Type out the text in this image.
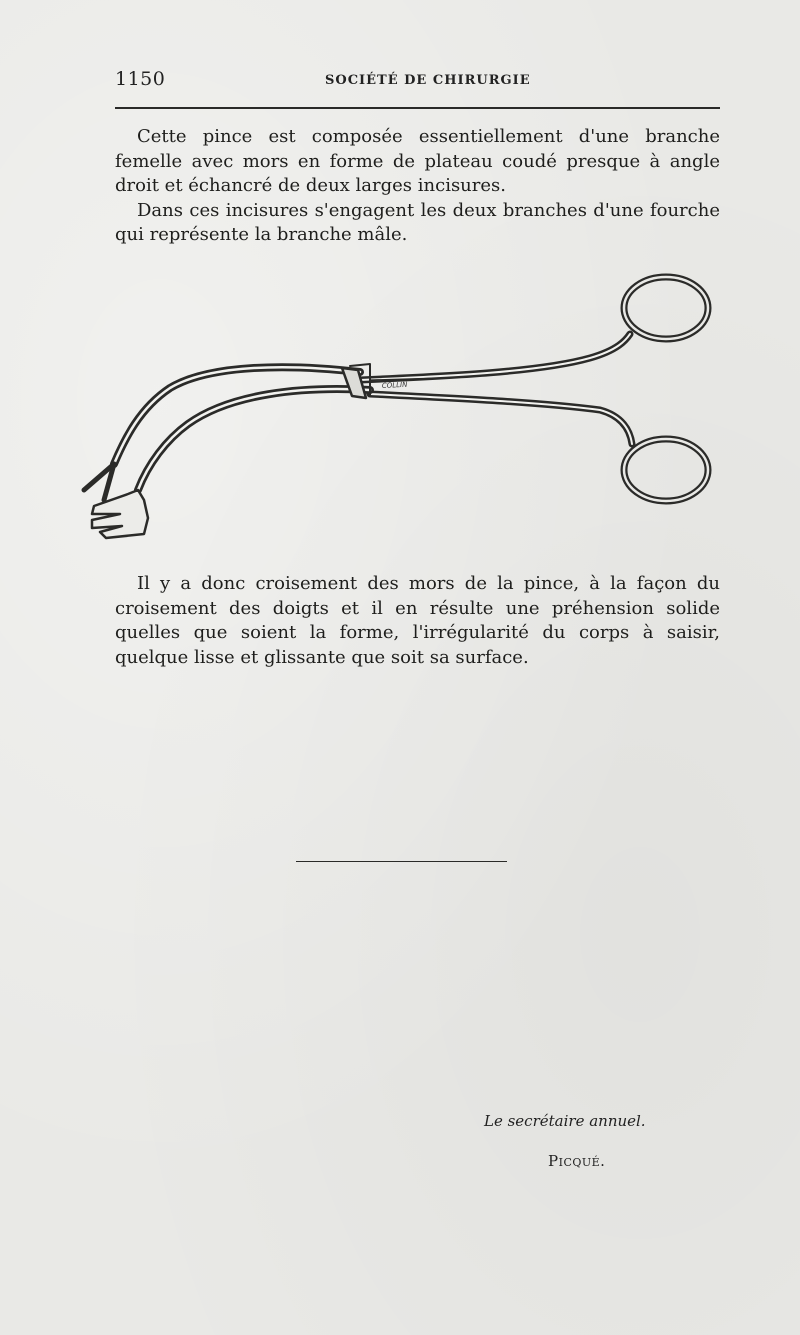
1150	SOCIÉTÉ DE CHIRURGIE

Cette pince est composée essentiellement d'une branche femelle avec mors en forme de plateau coudé presque à angle droit et échancré de deux larges incisures.

Dans ces incisures s'engagent les deux branches d'une fourche qui représente la branche mâle.

COLLIN

Il y a donc croisement des mors de la pince, à la façon du croisement des doigts et il en résulte une préhension solide quelles que soient la forme, l'irrégularité du corps à saisir, quelque lisse et glissante que soit sa surface.

Le secrétaire annuel.
Picqué.
